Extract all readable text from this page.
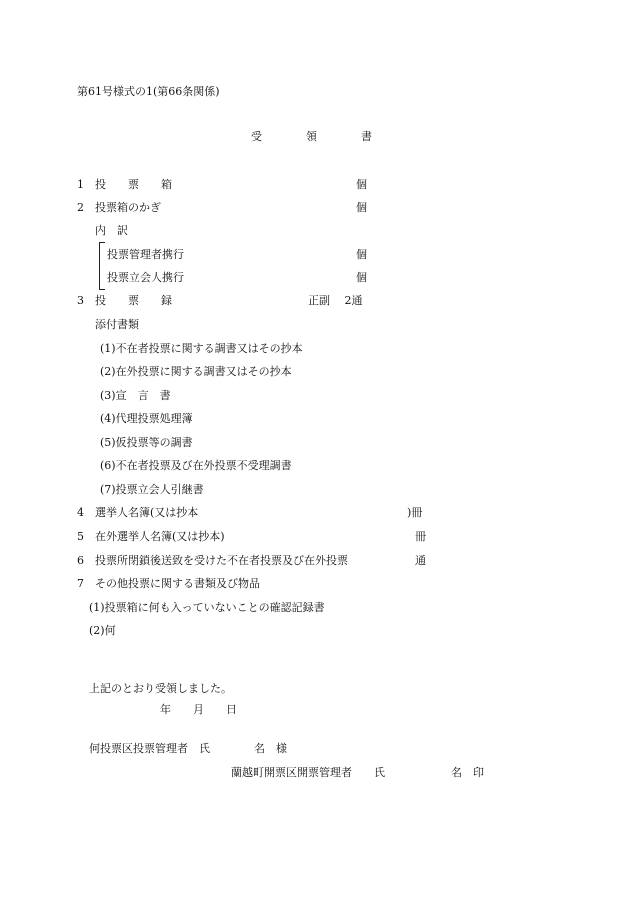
第61号様式の1(第66条関係)
受　　　　領　　　　書
1 投　　票　　箱	個
2 投票箱のかぎ	個
内　訳
投票管理者携行	個
投票立会人携行	個
3 投　　票　　録	正副　 2通
添付書類
(1)不在者投票に関する調書又はその抄本
(2)在外投票に関する調書又はその抄本
(3)宣　言　書
(4)代理投票処理簿
(5)仮投票等の調書
(6)不在者投票及び在外投票不受理調書
(7)投票立会人引継書
4 選挙人名簿(又は抄本	)冊
5 在外選挙人名簿(又は抄本)	冊
6 投票所閉鎖後送致を受けた不在者投票及び在外投票	通
7 その他投票に関する書類及び物品
(1)投票箱に何も入っていないことの確認記録書
(2)何
上記のとおり受領しました。
年　　月　　日
何投票区投票管理者　氏　　　　名　様
蘭越町開票区開票管理者　　氏　　　　　　名　印
